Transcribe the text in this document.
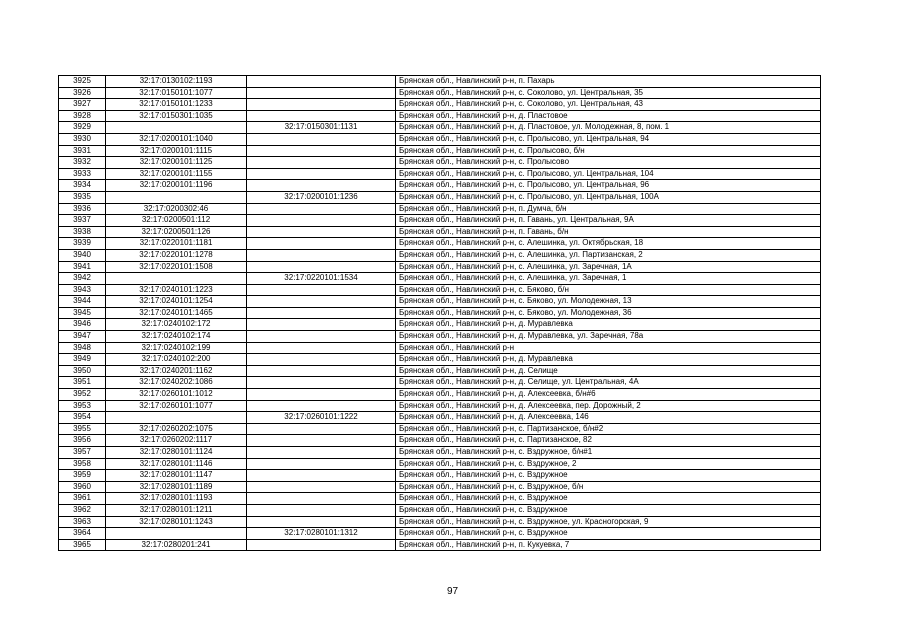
3925	32:17:0130102:1193		Брянская обл., Навлинский р-н, п. Пахарь
3926	32:17:0150101:1077		Брянская обл., Навлинский р-н, с. Соколово, ул. Центральная, 35
3927	32:17:0150101:1233		Брянская обл., Навлинский р-н, с. Соколово, ул. Центральная, 43
3928	32:17:0150301:1035		Брянская обл., Навлинский р-н, д. Пластовое
3929		32:17:0150301:1131	Брянская обл., Навлинский р-н, д. Пластовое, ул. Молодежная, 8, пом. 1
3930	32:17:0200101:1040		Брянская обл., Навлинский р-н, с. Пролысово, ул. Центральная, 94
3931	32:17:0200101:1115		Брянская обл., Навлинский р-н, с. Пролысово, б/н
3932	32:17:0200101:1125		Брянская обл., Навлинский р-н, с. Пролысово
3933	32:17:0200101:1155		Брянская обл., Навлинский р-н, с. Пролысово, ул. Центральная, 104
3934	32:17:0200101:1196		Брянская обл., Навлинский р-н, с. Пролысово, ул. Центральная, 96
3935		32:17:0200101:1236	Брянская обл., Навлинский р-н, с. Пролысово, ул. Центральная, 100А
3936	32:17:0200302:46		Брянская обл., Навлинский р-н, п. Думча, б/н
3937	32:17:0200501:112		Брянская обл., Навлинский р-н, п. Гавань, ул. Центральная, 9А
3938	32:17:0200501:126		Брянская обл., Навлинский р-н, п. Гавань, б/н
3939	32:17:0220101:1181		Брянская обл., Навлинский р-н, с. Алешинка, ул. Октябрьская, 18
3940	32:17:0220101:1278		Брянская обл., Навлинский р-н, с. Алешинка, ул. Партизанская, 2
3941	32:17:0220101:1508		Брянская обл., Навлинский р-н, с. Алешинка, ул. Заречная, 1А
3942		32:17:0220101:1534	Брянская обл., Навлинский р-н, с. Алешинка, ул. Заречная, 1
3943	32:17:0240101:1223		Брянская обл., Навлинский р-н, с. Бяково, б/н
3944	32:17:0240101:1254		Брянская обл., Навлинский р-н, с. Бяково, ул. Молодежная, 13
3945	32:17:0240101:1465		Брянская обл., Навлинский р-н, с. Бяково, ул. Молодежная, 36
3946	32:17:0240102:172		Брянская обл., Навлинский р-н, д. Муравлевка
3947	32:17:0240102:174		Брянская обл., Навлинский р-н, д. Муравлевка, ул. Заречная, 78а
3948	32:17:0240102:199		Брянская обл., Навлинский р-н
3949	32:17:0240102:200		Брянская обл., Навлинский р-н, д. Муравлевка
3950	32:17:0240201:1162		Брянская обл., Навлинский р-н, д. Селище
3951	32:17:0240202:1086		Брянская обл., Навлинский р-н, д. Селище, ул. Центральная, 4А
3952	32:17:0260101:1012		Брянская обл., Навлинский р-н, д. Алексеевка, б/н#6
3953	32:17:0260101:1077		Брянская обл., Навлинский р-н, д. Алексеевка, пер. Дорожный, 2
3954		32:17:0260101:1222	Брянская обл., Навлинский р-н, д. Алексеевка, 146
3955	32:17:0260202:1075		Брянская обл., Навлинский р-н, с. Партизанское, б/н#2
3956	32:17:0260202:1117		Брянская обл., Навлинский р-н, с. Партизанское, 82
3957	32:17:0280101:1124		Брянская обл., Навлинский р-н, с. Вздружное, б/н#1
3958	32:17:0280101:1146		Брянская обл., Навлинский р-н, с. Вздружное, 2
3959	32:17:0280101:1147		Брянская обл., Навлинский р-н, с. Вздружное
3960	32:17:0280101:1189		Брянская обл., Навлинский р-н, с. Вздружное, б/н
3961	32:17:0280101:1193		Брянская обл., Навлинский р-н, с. Вздружное
3962	32:17:0280101:1211		Брянская обл., Навлинский р-н, с. Вздружное
3963	32:17:0280101:1243		Брянская обл., Навлинский р-н, с. Вздружное, ул. Красногорская, 9
3964		32:17:0280101:1312	Брянская обл., Навлинский р-н, с. Вздружное
3965	32:17:0280201:241		Брянская обл., Навлинский р-н, п. Кукуевка, 7
97
